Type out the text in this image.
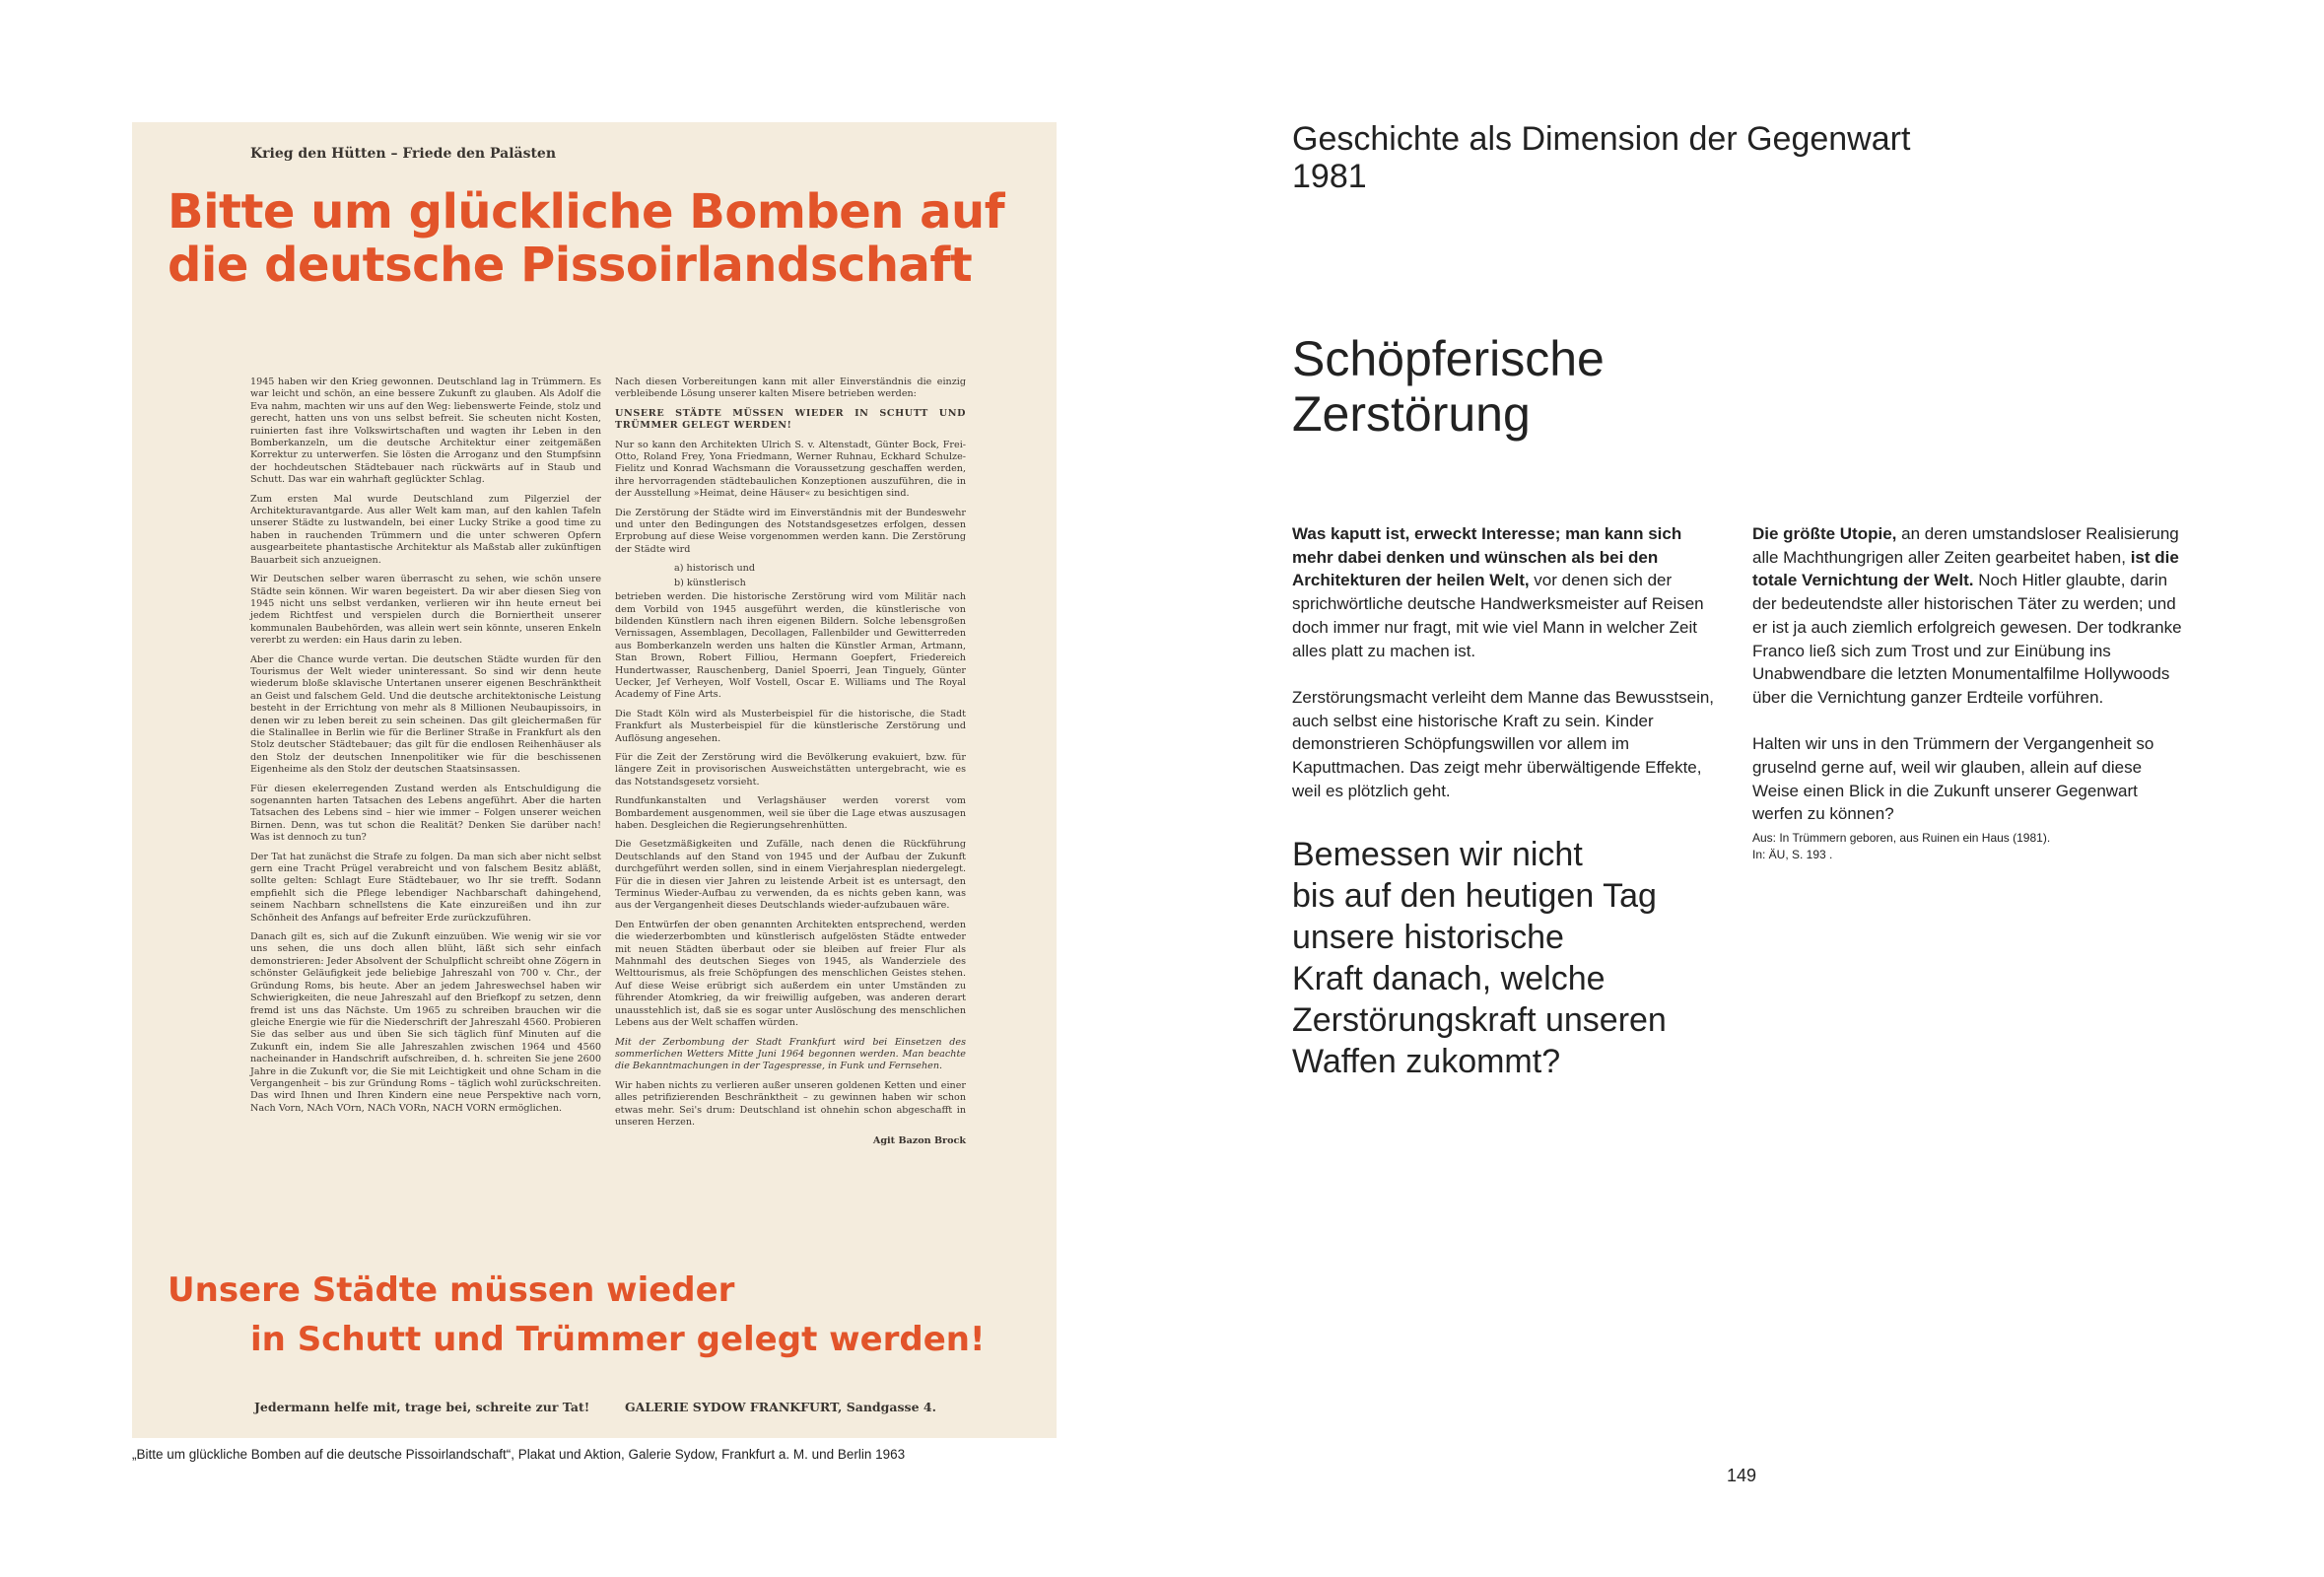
Krieg den Hütten – Friede den Palästen
Bitte um glückliche Bomben auf die deutsche Pissoirlandschaft

1945 haben wir den Krieg gewonnen. Deutschland lag in Trümmern. Es war leicht und schön, an eine bessere Zukunft zu glauben. Als Adolf die Eva nahm, machten wir uns auf den Weg: liebenswerte Feinde, stolz und gerecht, hatten uns von uns selbst befreit. Sie scheuten nicht Kosten, ruinierten fast ihre Volkswirtschaften und wagten ihr Leben in den Bomberkanzeln, um die deutsche Architektur einer zeitgemäßen Korrektur zu unterwerfen. Sie lösten die Arroganz und den Stumpfsinn der hochdeutschen Städtebauer nach rückwärts auf in Staub und Schutt. Das war ein wahrhaft geglückter Schlag.

Zum ersten Mal wurde Deutschland zum Pilgerziel der Architekturavantgarde. Aus aller Welt kam man, auf den kahlen Tafeln unserer Städte zu lustwandeln, bei einer Lucky Strike a good time zu haben in rauchenden Trümmern und die unter schweren Opfern ausgearbeitete phantastische Architektur als Maßstab aller zukünftigen Bauarbeit sich anzueignen.

Wir Deutschen selber waren überrascht zu sehen, wie schön unsere Städte sein können. Wir waren begeistert. Da wir aber diesen Sieg von 1945 nicht uns selbst verdanken, verlieren wir ihn heute erneut bei jedem Richtfest und verspielen durch die Borniertheit unserer kommunalen Baubehörden, was allein wert sein könnte, unseren Enkeln vererbt zu werden: ein Haus darin zu leben.

Aber die Chance wurde vertan. Die deutschen Städte wurden für den Tourismus der Welt wieder uninteressant. So sind wir denn heute wiederum bloße sklavische Untertanen unserer eigenen Beschränktheit an Geist und falschem Geld. Und die deutsche architektonische Leistung besteht in der Errichtung von mehr als 8 Millionen Neubaupissoirs, in denen wir zu leben bereit zu sein scheinen. Das gilt gleichermaßen für die Stalinallee in Berlin wie für die Berliner Straße in Frankfurt als den Stolz deutscher Städtebauer; das gilt für die endlosen Reihenhäuser als den Stolz der deutschen Innenpolitiker wie für die beschissenen Eigenheime als den Stolz der deutschen Staatsinsassen.

Für diesen ekelerregenden Zustand werden als Entschuldigung die sogenannten harten Tatsachen des Lebens angeführt. Aber die harten Tatsachen des Lebens sind – hier wie immer – Folgen unserer weichen Birnen. Denn, was tut schon die Realität? Denken Sie darüber nach! Was ist dennoch zu tun?

Der Tat hat zunächst die Strafe zu folgen. Da man sich aber nicht selbst gern eine Tracht Prügel verabreicht und von falschem Besitz abläßt, sollte gelten: Schlagt Eure Städtebauer, wo Ihr sie trefft. Sodann empfiehlt sich die Pflege lebendiger Nachbarschaft dahingehend, seinem Nachbarn schnellstens die Kate einzureißen und ihn zur Schönheit des Anfangs auf befreiter Erde zurückzuführen.

Danach gilt es, sich auf die Zukunft einzuüben. Wie wenig wir sie vor uns sehen, die uns doch allen blüht, läßt sich sehr einfach demonstrieren: Jeder Absolvent der Schulpflicht schreibt ohne Zögern in schönster Geläufigkeit jede beliebige Jahreszahl von 700 v. Chr., der Gründung Roms, bis heute. Aber an jedem Jahreswechsel haben wir Schwierigkeiten, die neue Jahreszahl auf den Briefkopf zu setzen, denn fremd ist uns das Nächste. Um 1965 zu schreiben brauchen wir die gleiche Energie wie für die Niederschrift der Jahreszahl 4560. Probieren Sie das selber aus und üben Sie sich täglich fünf Minuten auf die Zukunft ein, indem Sie alle Jahreszahlen zwischen 1964 und 4560 nacheinander in Handschrift aufschreiben, d. h. schreiten Sie jene 2600 Jahre in die Zukunft vor, die Sie mit Leichtigkeit und ohne Scham in die Vergangenheit – bis zur Gründung Roms – täglich wohl zurückschreiten. Das wird Ihnen und Ihren Kindern eine neue Perspektive nach vorn, Nach Vorn, NAch VOrn, NACh VORn, NACH VORN ermöglichen.

Nach diesen Vorbereitungen kann mit aller Einverständnis die einzig verbleibende Lösung unserer kalten Misere betrieben werden:

UNSERE STÄDTE MÜSSEN WIEDER IN SCHUTT UND TRÜMMER GELEGT WERDEN!

Nur so kann den Architekten Ulrich S. v. Altenstadt, Günter Bock, Frei-Otto, Roland Frey, Yona Friedmann, Werner Ruhnau, Eckhard Schulze-Fielitz und Konrad Wachsmann die Voraussetzung geschaffen werden, ihre hervorragenden städtebaulichen Konzeptionen auszuführen, die in der Ausstellung »Heimat, deine Häuser« zu besichtigen sind.

Die Zerstörung der Städte wird im Einverständnis mit der Bundeswehr und unter den Bedingungen des Notstandsgesetzes erfolgen, dessen Erprobung auf diese Weise vorgenommen werden kann. Die Zerstörung der Städte wird

a) historisch und

b) künstlerisch

betrieben werden. Die historische Zerstörung wird vom Militär nach dem Vorbild von 1945 ausgeführt werden, die künstlerische von bildenden Künstlern nach ihren eigenen Bildern. Solche lebensgroßen Vernissagen, Assemblagen, Decollagen, Fallenbilder und Gewitterreden aus Bomberkanzeln werden uns halten die Künstler Arman, Artmann, Stan Brown, Robert Filliou, Hermann Goepfert, Friedereich Hundertwasser, Rauschenberg, Daniel Spoerri, Jean Tinguely, Günter Uecker, Jef Verheyen, Wolf Vostell, Oscar E. Williams und The Royal Academy of Fine Arts.

Die Stadt Köln wird als Musterbeispiel für die historische, die Stadt Frankfurt als Musterbeispiel für die künstlerische Zerstörung und Auflösung angesehen.

Für die Zeit der Zerstörung wird die Bevölkerung evakuiert, bzw. für längere Zeit in provisorischen Ausweichstätten untergebracht, wie es das Notstandsgesetz vorsieht.

Rundfunkanstalten und Verlagshäuser werden vorerst vom Bombardement ausgenommen, weil sie über die Lage etwas auszusagen haben. Desgleichen die Regierungsehrenhütten.

Die Gesetzmäßigkeiten und Zufälle, nach denen die Rückführung Deutschlands auf den Stand von 1945 und der Aufbau der Zukunft durchgeführt werden sollen, sind in einem Vierjahresplan niedergelegt. Für die in diesen vier Jahren zu leistende Arbeit ist es untersagt, den Terminus Wieder-Aufbau zu verwenden, da es nichts geben kann, was aus der Vergangenheit dieses Deutschlands wieder-aufzubauen wäre.

Den Entwürfen der oben genannten Architekten entsprechend, werden die wiederzerbombten und künstlerisch aufgelösten Städte entweder mit neuen Städten überbaut oder sie bleiben auf freier Flur als Mahnmahl des deutschen Sieges von 1945, als Wanderziele des Welttourismus, als freie Schöpfungen des menschlichen Geistes stehen. Auf diese Weise erübrigt sich außerdem ein unter Umständen zu führender Atomkrieg, da wir freiwillig aufgeben, was anderen derart unausstehlich ist, daß sie es sogar unter Auslöschung des menschlichen Lebens aus der Welt schaffen würden.

Mit der Zerbombung der Stadt Frankfurt wird bei Einsetzen des sommerlichen Wetters Mitte Juni 1964 begonnen werden. Man beachte die Bekanntmachungen in der Tagespresse, in Funk und Fernsehen.

Wir haben nichts zu verlieren außer unseren goldenen Ketten und einer alles petrifizierenden Beschränktheit – zu gewinnen haben wir schon etwas mehr. Sei's drum: Deutschland ist ohnehin schon abgeschafft in unseren Herzen.

Agit Bazon Brock

Unsere Städte müssen wieder
in Schutt und Trümmer gelegt werden!
Jedermann helfe mit, trage bei, schreite zur Tat!	GALERIE SYDOW FRANKFURT, Sandgasse 4.
„Bitte um glückliche Bomben auf die deutsche Pissoirlandschaft“, Plakat und Aktion, Galerie Sydow, Frankfurt a. M. und Berlin 1963
Geschichte als Dimension der Gegenwart
1981
Schöpferische
Zerstörung

Was kaputt ist, erweckt Interesse; man kann sich mehr dabei denken und wünschen als bei den Architekturen der heilen Welt, vor denen sich der sprichwörtliche deutsche Handwerksmeister auf Reisen doch immer nur fragt, mit wie viel Mann in welcher Zeit alles platt zu machen ist.

Zerstörungsmacht verleiht dem Manne das Bewusstsein, auch selbst eine historische Kraft zu sein. Kinder demonstrieren Schöpfungswillen vor allem im Kaputtmachen. Das zeigt mehr überwältigende Effekte, weil es plötzlich geht.

Bemessen wir nicht
bis auf den heutigen Tag
unsere historische
Kraft danach, welche
Zerstörungskraft unseren
Waffen zukommt?

Die größte Utopie, an deren umstandsloser Realisierung alle Machthungrigen aller Zeiten gearbeitet haben, ist die totale Vernichtung der Welt. Noch Hitler glaubte, darin der bedeutendste aller historischen Täter zu werden; und er ist ja auch ziemlich erfolgreich gewesen. Der todkranke Franco ließ sich zum Trost und zur Einübung ins Unabwendbare die letzten Monumentalfilme Hollywoods über die Vernichtung ganzer Erdteile vorführen.

Halten wir uns in den Trümmern der Vergangenheit so gruselnd gerne auf, weil wir glauben, allein auf diese Weise einen Blick in die Zukunft unserer Gegenwart werfen zu können?

Aus: In Trümmern geboren, aus Ruinen ein Haus (1981).
In: ÄU, S. 193 .
149
